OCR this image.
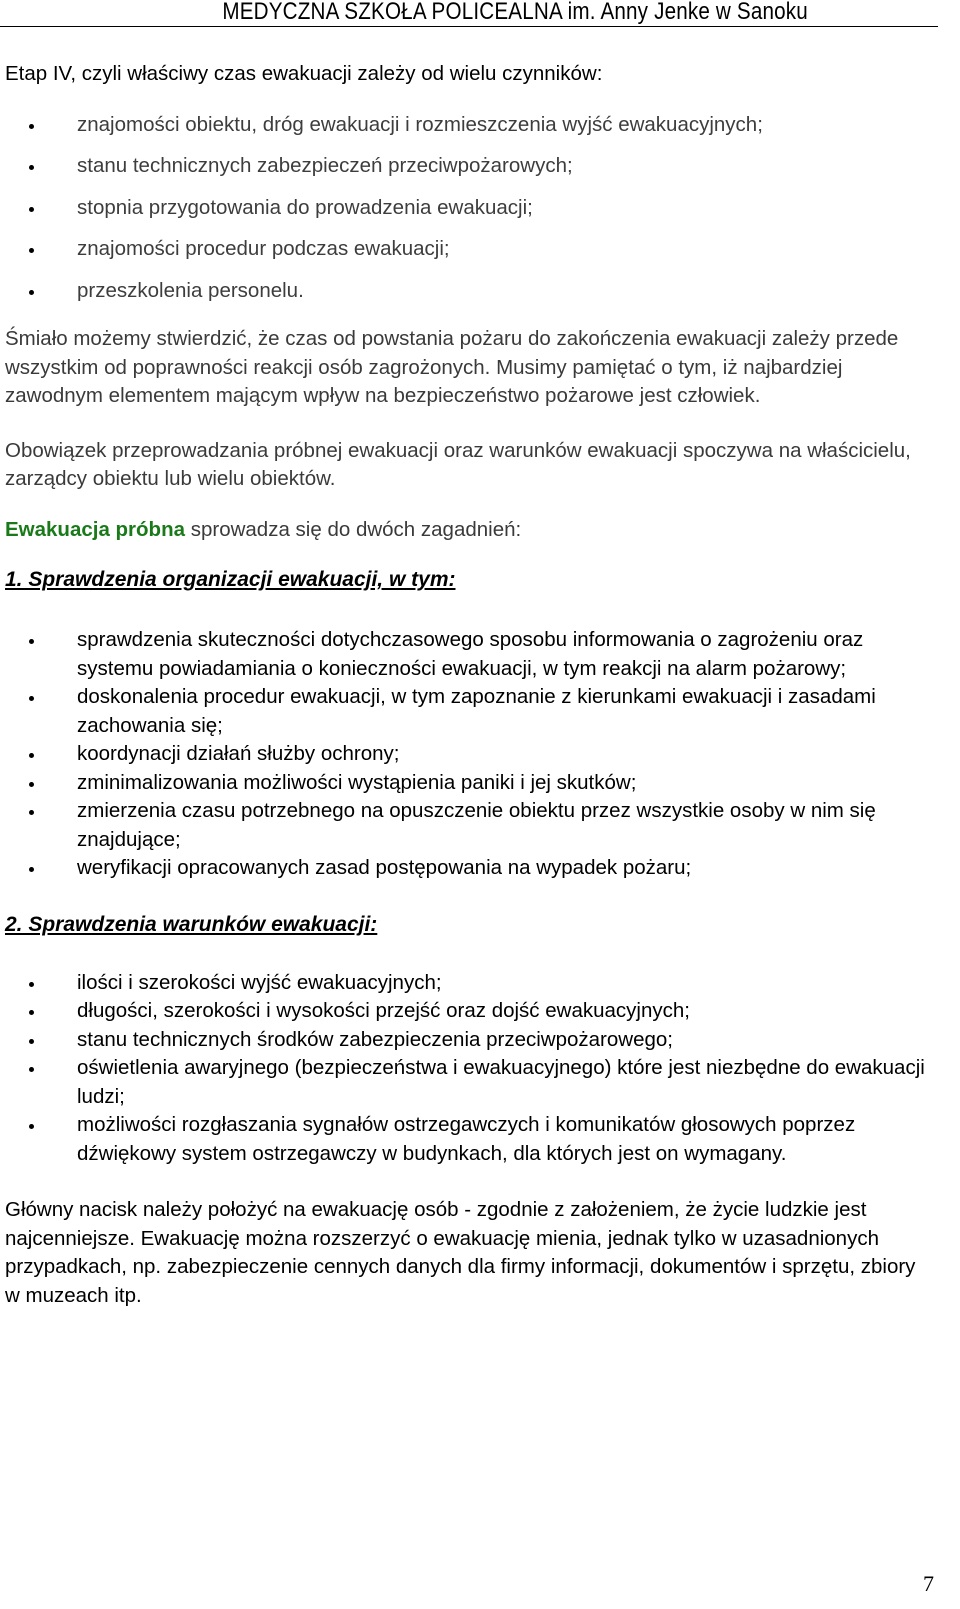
MEDYCZNA SZKOŁA POLICEALNA im. Anny Jenke w Sanoku

Etap IV, czyli właściwy czas ewakuacji zależy od wielu czynników:

znajomości obiektu, dróg ewakuacji i rozmieszczenia wyjść ewakuacyjnych;
stanu technicznych zabezpieczeń przeciwpożarowych;
stopnia przygotowania do prowadzenia ewakuacji;
znajomości procedur podczas ewakuacji;
przeszkolenia personelu.

Śmiało możemy stwierdzić, że czas od powstania pożaru do zakończenia ewakuacji zależy przede wszystkim od poprawności reakcji osób zagrożonych. Musimy pamiętać o tym, iż najbardziej zawodnym elementem mającym wpływ na bezpieczeństwo pożarowe jest człowiek.

Obowiązek przeprowadzania próbnej ewakuacji oraz warunków ewakuacji spoczywa na właścicielu, zarządcy obiektu lub wielu obiektów.

Ewakuacja próbna sprowadza się do dwóch zagadnień:

1. Sprawdzenia organizacji ewakuacji, w tym:

sprawdzenia skuteczności dotychczasowego sposobu informowania o zagrożeniu oraz systemu powiadamiania o konieczności ewakuacji, w tym reakcji na alarm pożarowy;
doskonalenia procedur ewakuacji, w tym zapoznanie z kierunkami ewakuacji i zasadami zachowania się;
koordynacji działań służby ochrony;
zminimalizowania możliwości wystąpienia paniki i jej skutków;
zmierzenia czasu potrzebnego na opuszczenie obiektu przez wszystkie osoby w nim się znajdujące;
weryfikacji opracowanych zasad postępowania na wypadek pożaru;

2. Sprawdzenia warunków ewakuacji:

ilości i szerokości wyjść ewakuacyjnych;
długości, szerokości i wysokości przejść oraz dojść ewakuacyjnych;
stanu technicznych środków zabezpieczenia przeciwpożarowego;
oświetlenia awaryjnego (bezpieczeństwa i ewakuacyjnego) które jest niezbędne do ewakuacji ludzi;
możliwości rozgłaszania sygnałów ostrzegawczych i komunikatów głosowych poprzez dźwiękowy system ostrzegawczy w budynkach, dla których jest on wymagany.

Główny nacisk należy położyć na ewakuację osób - zgodnie z założeniem, że życie ludzkie jest najcenniejsze. Ewakuację można rozszerzyć o ewakuację mienia, jednak tylko w uzasadnionych przypadkach, np. zabezpieczenie cennych danych dla firmy informacji, dokumentów i sprzętu, zbiory w muzeach itp.

7
